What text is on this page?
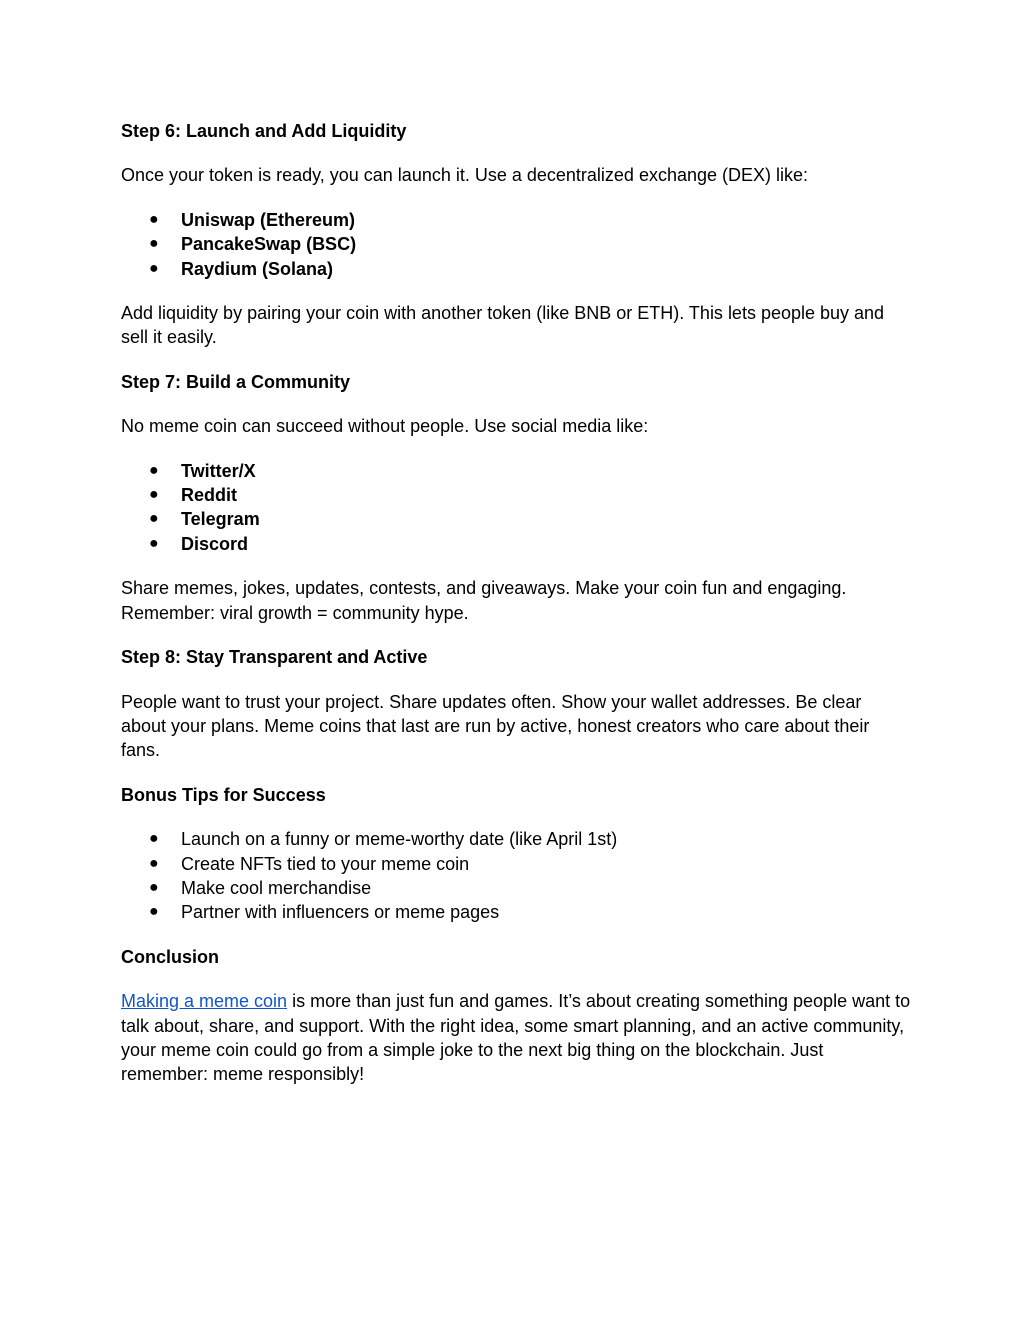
Step 6: Launch and Add Liquidity
Once your token is ready, you can launch it. Use a decentralized exchange (DEX) like:
● Uniswap (Ethereum)
● PancakeSwap (BSC)
● Raydium (Solana)
Add liquidity by pairing your coin with another token (like BNB or ETH). This lets people buy and sell it easily.
Step 7: Build a Community
No meme coin can succeed without people. Use social media like:
● Twitter/X
● Reddit
● Telegram
● Discord
Share memes, jokes, updates, contests, and giveaways. Make your coin fun and engaging. Remember: viral growth = community hype.
Step 8: Stay Transparent and Active
People want to trust your project. Share updates often. Show your wallet addresses. Be clear about your plans. Meme coins that last are run by active, honest creators who care about their fans.
Bonus Tips for Success
● Launch on a funny or meme-worthy date (like April 1st)
● Create NFTs tied to your meme coin
● Make cool merchandise
● Partner with influencers or meme pages
Conclusion
Making a meme coin is more than just fun and games. It’s about creating something people want to talk about, share, and support. With the right idea, some smart planning, and an active community, your meme coin could go from a simple joke to the next big thing on the blockchain. Just remember: meme responsibly!
